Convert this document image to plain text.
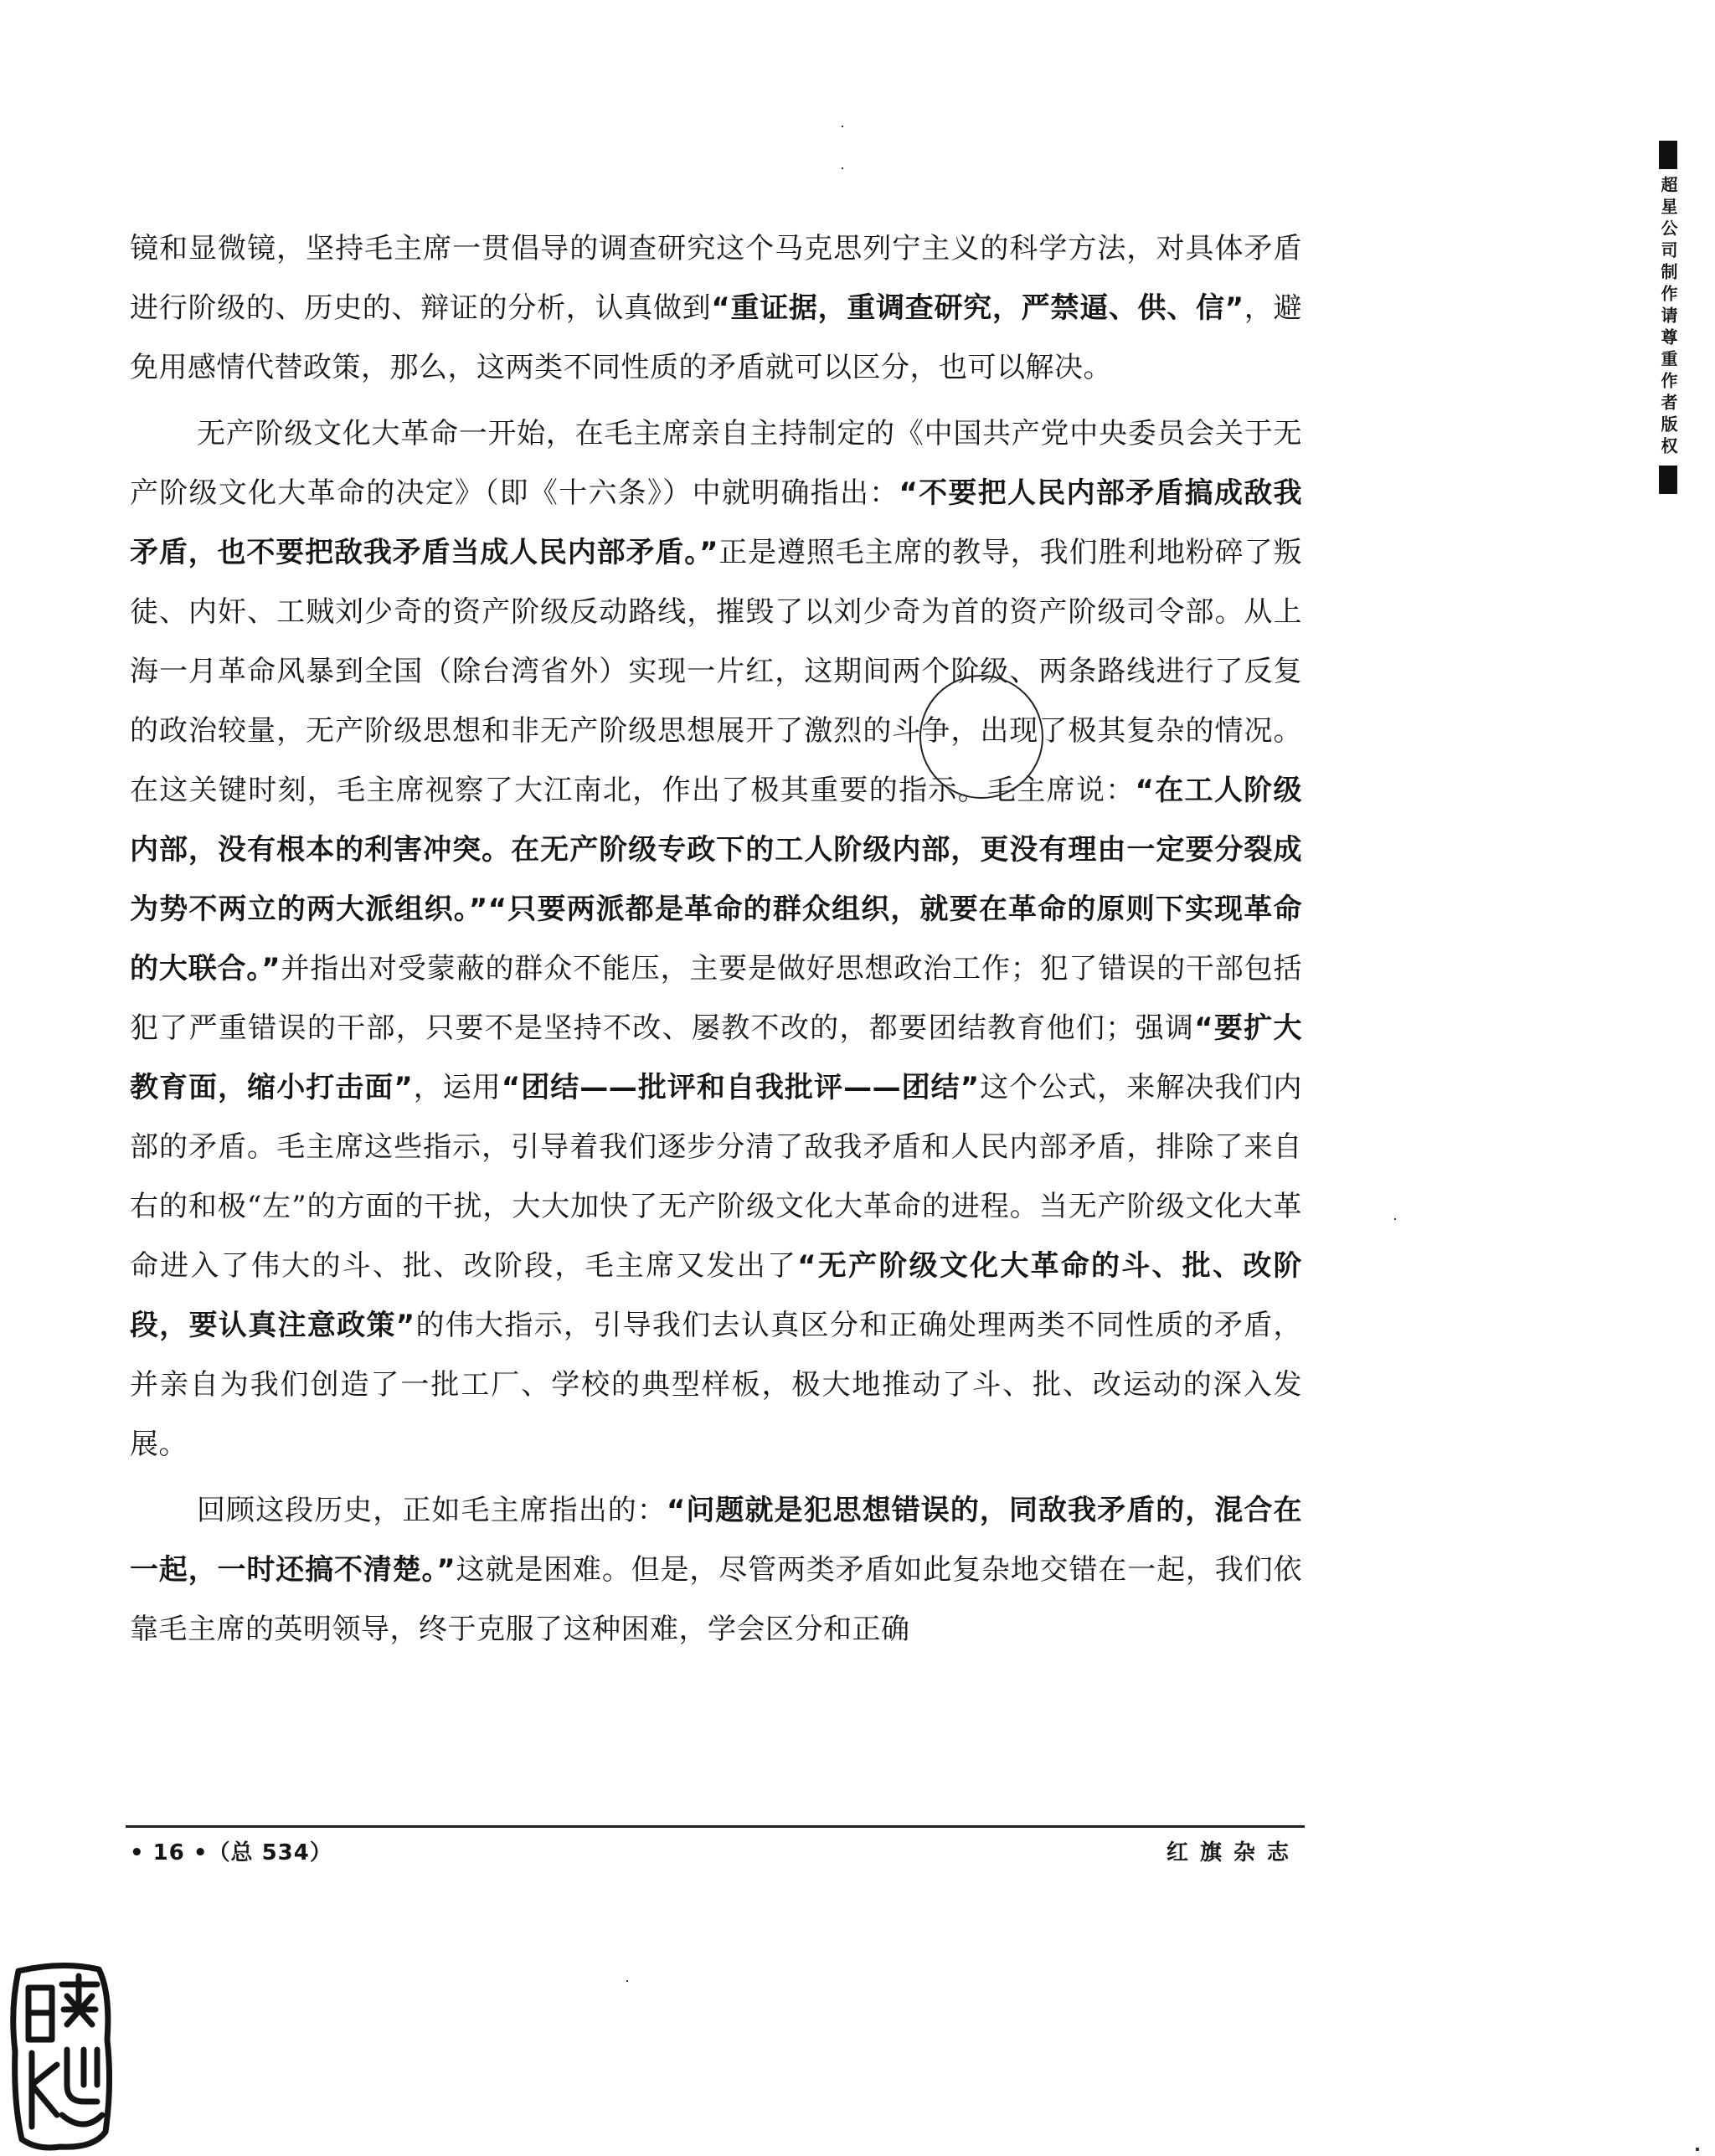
镜和显微镜，坚持毛主席一贯倡导的调查研究这个马克思列宁主义的科学方法，对具体矛盾进行阶级的、历史的、辩证的分析，认真做到“重证据，重调查研究，严禁逼、供、信”，避免用感情代替政策，那么，这两类不同性质的矛盾就可以区分，也可以解决。

无产阶级文化大革命一开始，在毛主席亲自主持制定的《中国共产党中央委员会关于无产阶级文化大革命的决定》（即《十六条》）中就明确指出：“不要把人民内部矛盾搞成敌我矛盾，也不要把敌我矛盾当成人民内部矛盾。”正是遵照毛主席的教导，我们胜利地粉碎了叛徒、内奸、工贼刘少奇的资产阶级反动路线，摧毁了以刘少奇为首的资产阶级司令部。从上海一月革命风暴到全国（除台湾省外）实现一片红，这期间两个阶级、两条路线进行了反复的政治较量，无产阶级思想和非无产阶级思想展开了激烈的斗争，出现了极其复杂的情况。在这关键时刻，毛主席视察了大江南北，作出了极其重要的指示。毛主席说：“在工人阶级内部，没有根本的利害冲突。在无产阶级专政下的工人阶级内部，更没有理由一定要分裂成为势不两立的两大派组织。”“只要两派都是革命的群众组织，就要在革命的原则下实现革命的大联合。”并指出对受蒙蔽的群众不能压，主要是做好思想政治工作；犯了错误的干部包括犯了严重错误的干部，只要不是坚持不改、屡教不改的，都要团结教育他们；强调“要扩大教育面，缩小打击面”，运用“团结——批评和自我批评——团结”这个公式，来解决我们内部的矛盾。毛主席这些指示，引导着我们逐步分清了敌我矛盾和人民内部矛盾，排除了来自右的和极“左”的方面的干扰，大大加快了无产阶级文化大革命的进程。当无产阶级文化大革命进入了伟大的斗、批、改阶段，毛主席又发出了“无产阶级文化大革命的斗、批、改阶段，要认真注意政策”的伟大指示，引导我们去认真区分和正确处理两类不同性质的矛盾，并亲自为我们创造了一批工厂、学校的典型样板，极大地推动了斗、批、改运动的深入发展。

回顾这段历史，正如毛主席指出的：“问题就是犯思想错误的，同敌我矛盾的，混合在一起，一时还搞不清楚。”这就是困难。但是，尽管两类矛盾如此复杂地交错在一起，我们依靠毛主席的英明领导，终于克服了这种困难，学会区分和正确

• 16 •（总 534）	红旗杂志
超星公司制作请尊重作者版权
